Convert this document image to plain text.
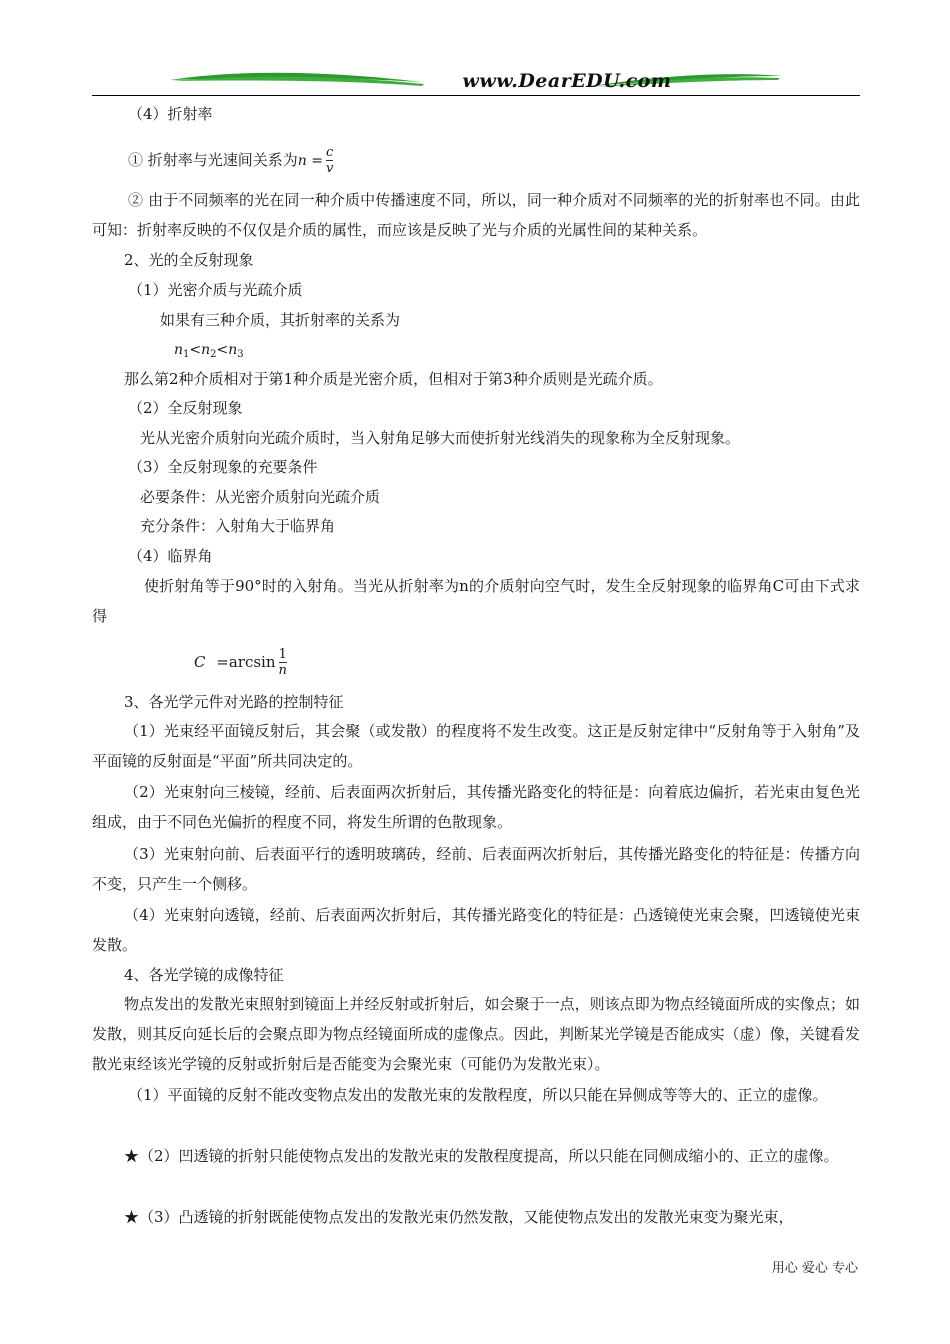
www.DearEDU.com
（4）折射率
① 折射率与光速间关系为$n = \frac{c}{v}$
② 由于不同频率的光在同一种介质中传播速度不同，所以，同一种介质对不同频率的光的折射率也不同。由此可知：折射率反映的不仅仅是介质的属性，而应该是反映了光与介质的光属性间的某种关系。
2、光的全反射现象
（1）光密介质与光疏介质
如果有三种介质，其折射率的关系为
$n_1<n_2<n_3$
那么第2种介质相对于第1种介质是光密介质，但相对于第3种介质则是光疏介质。
（2）全反射现象
光从光密介质射向光疏介质时，当入射角足够大而使折射光线消失的现象称为全反射现象。
（3）全反射现象的充要条件
必要条件：从光密介质射向光疏介质
充分条件：入射角大于临界角
（4）临界角
使折射角等于90°时的入射角。当光从折射率为n的介质射向空气时，发生全反射现象的临界角C可由下式求得
$C =\arcsin \frac{1}{n}$
3、各光学元件对光路的控制特征
（1）光束经平面镜反射后，其会聚（或发散）的程度将不发生改变。这正是反射定律中“反射角等于入射角”及平面镜的反射面是“平面”所共同决定的。
（2）光束射向三棱镜，经前、后表面两次折射后，其传播光路变化的特征是：向着底边偏折，若光束由复色光组成，由于不同色光偏折的程度不同，将发生所谓的色散现象。
（3）光束射向前、后表面平行的透明玻璃砖，经前、后表面两次折射后，其传播光路变化的特征是：传播方向不变，只产生一个侧移。
（4）光束射向透镜，经前、后表面两次折射后，其传播光路变化的特征是：凸透镜使光束会聚，凹透镜使光束发散。
4、各光学镜的成像特征
物点发出的发散光束照射到镜面上并经反射或折射后，如会聚于一点，则该点即为物点经镜面所成的实像点；如发散，则其反向延长后的会聚点即为物点经镜面所成的虚像点。因此，判断某光学镜是否能成实（虚）像，关键看发散光束经该光学镜的反射或折射后是否能变为会聚光束（可能仍为发散光束）。
（1）平面镜的反射不能改变物点发出的发散光束的发散程度，所以只能在异侧成等等大的、正立的虚像。
★（2）凹透镜的折射只能使物点发出的发散光束的发散程度提高，所以只能在同侧成缩小的、正立的虚像。
★（3）凸透镜的折射既能使物点发出的发散光束仍然发散，又能使物点发出的发散光束变为聚光束，
用心 爱心 专心
